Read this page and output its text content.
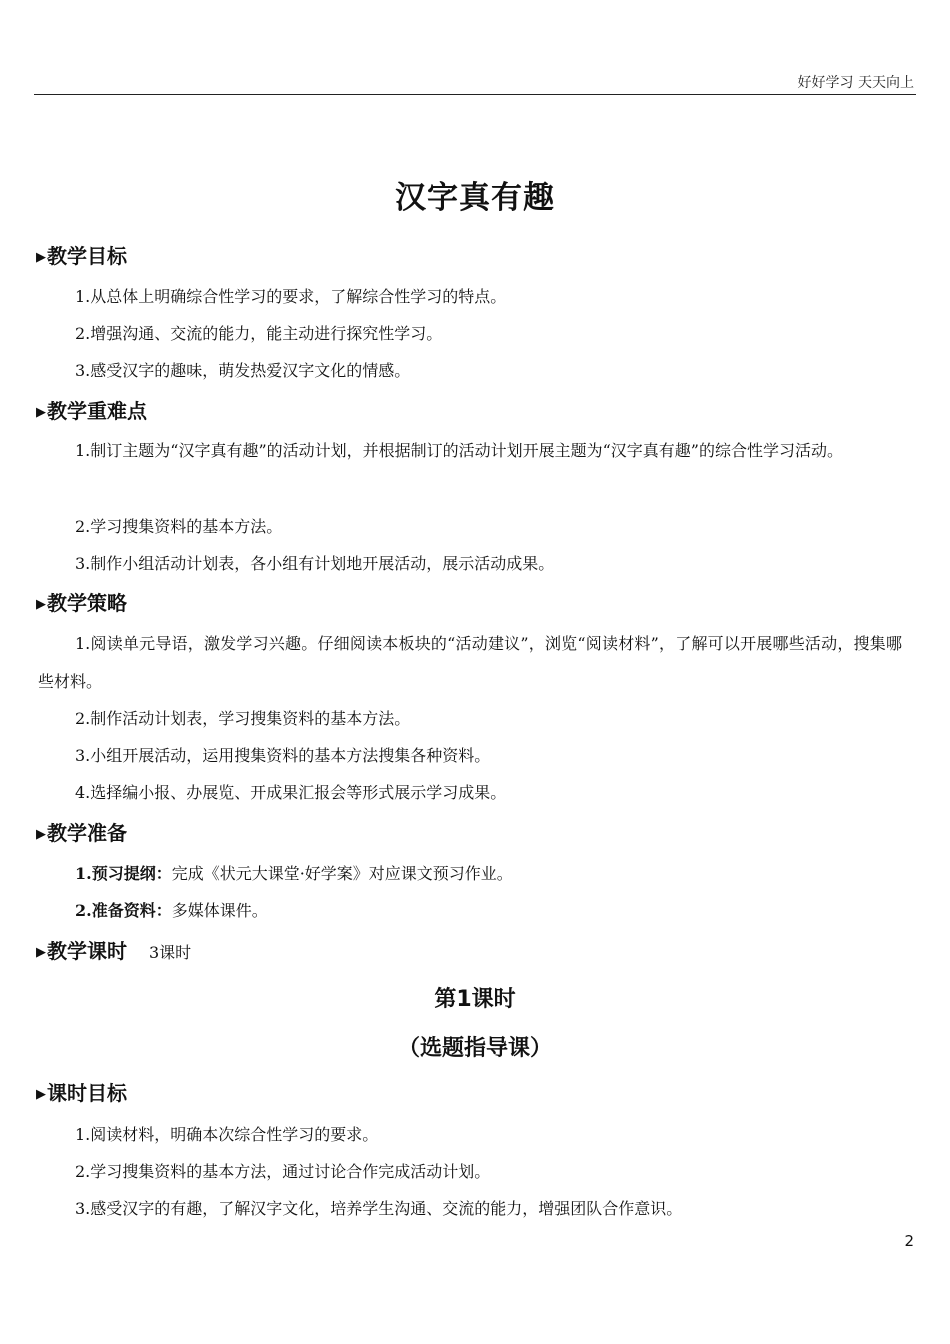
好好学习 天天向上
汉字真有趣
▶教学目标
1.从总体上明确综合性学习的要求，了解综合性学习的特点。
2.增强沟通、交流的能力，能主动进行探究性学习。
3.感受汉字的趣味，萌发热爱汉字文化的情感。
▶教学重难点
1.制订主题为“汉字真有趣”的活动计划，并根据制订的活动计划开展主题为“汉字真有趣”的综合性学习活动。
2.学习搜集资料的基本方法。
3.制作小组活动计划表，各小组有计划地开展活动，展示活动成果。
▶教学策略
1.阅读单元导语，激发学习兴趣。仔细阅读本板块的“活动建议”，浏览“阅读材料”，了解可以开展哪些活动，搜集哪些材料。
2.制作活动计划表，学习搜集资料的基本方法。
3.小组开展活动，运用搜集资料的基本方法搜集各种资料。
4.选择编小报、办展览、开成果汇报会等形式展示学习成果。
▶教学准备
1.预习提纲：完成《状元大课堂·好学案》对应课文预习作业。
2.准备资料：多媒体课件。
▶教学课时 3课时
第1课时
（选题指导课）
▶课时目标
1.阅读材料，明确本次综合性学习的要求。
2.学习搜集资料的基本方法，通过讨论合作完成活动计划。
3.感受汉字的有趣，了解汉字文化，培养学生沟通、交流的能力，增强团队合作意识。
2
